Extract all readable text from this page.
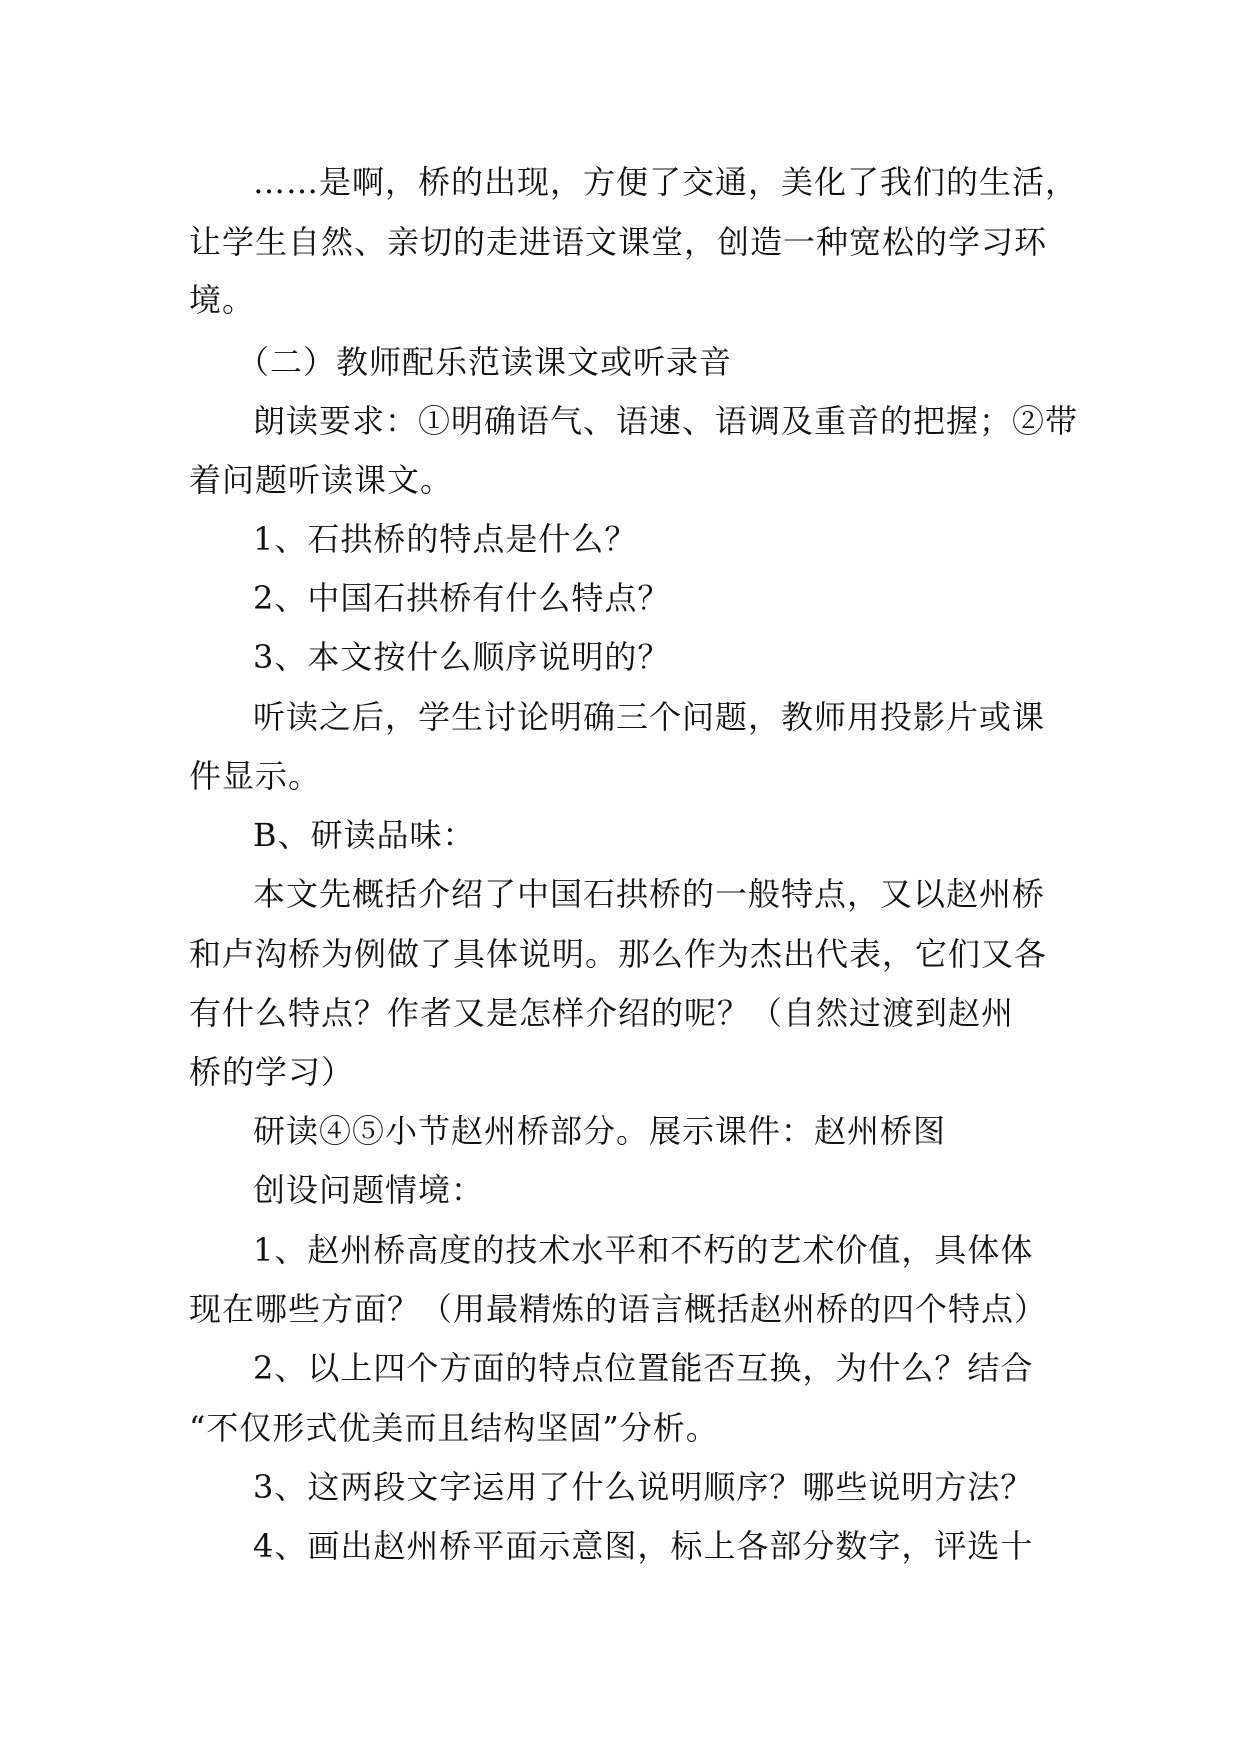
……是啊，桥的出现，方便了交通，美化了我们的生活，
让学生自然、亲切的走进语文课堂，创造一种宽松的学习环
境。
（二）教师配乐范读课文或听录音
朗读要求：①明确语气、语速、语调及重音的把握；②带
着问题听读课文。
1、石拱桥的特点是什么？
2、中国石拱桥有什么特点？
3、本文按什么顺序说明的？
听读之后，学生讨论明确三个问题，教师用投影片或课
件显示。
B、研读品味：
本文先概括介绍了中国石拱桥的一般特点，又以赵州桥
和卢沟桥为例做了具体说明。那么作为杰出代表，它们又各
有什么特点？作者又是怎样介绍的呢？（自然过渡到赵州
桥的学习）
研读④⑤小节赵州桥部分。展示课件：赵州桥图
创设问题情境：
1、赵州桥高度的技术水平和不朽的艺术价值，具体体
现在哪些方面？（用最精炼的语言概括赵州桥的四个特点）
2、以上四个方面的特点位置能否互换，为什么？结合
“不仅形式优美而且结构坚固”分析。
3、这两段文字运用了什么说明顺序？哪些说明方法？
4、画出赵州桥平面示意图，标上各部分数字，评选十
